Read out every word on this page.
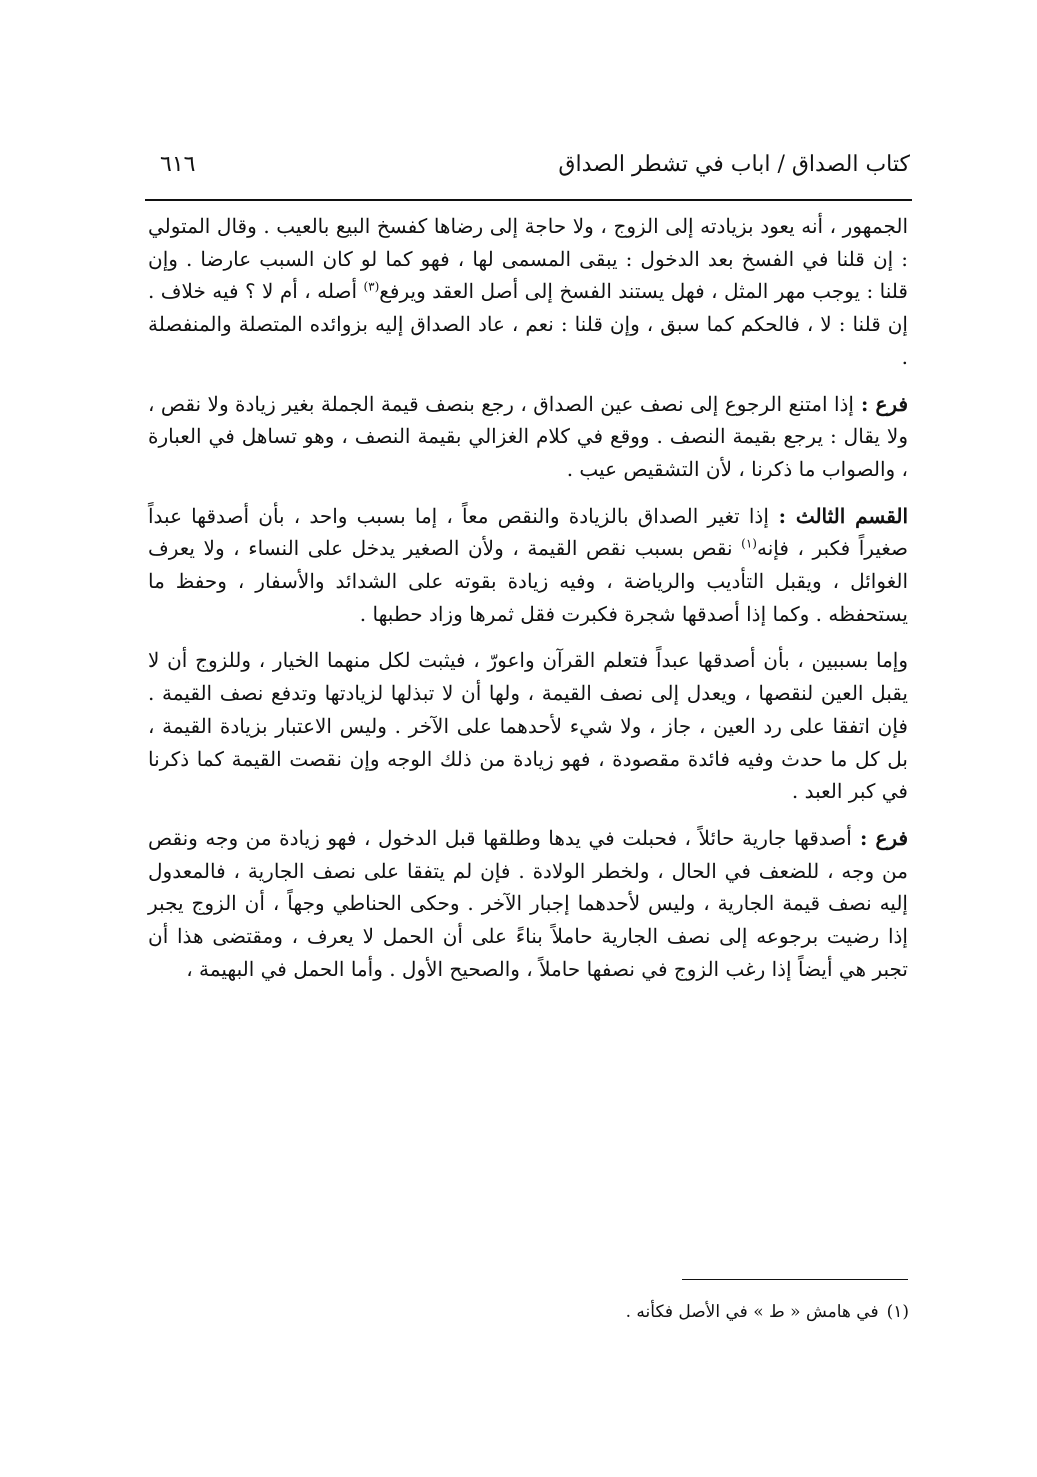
٦١٦	كتاب الصداق / اباب في تشطر الصداق

الجمهور ، أنه يعود بزيادته إلى الزوج ، ولا حاجة إلى رضاها كفسخ البيع بالعيب . وقال المتولي : إن قلنا في الفسخ بعد الدخول : يبقى المسمى لها ، فهو كما لو كان السبب عارضا . وإن قلنا : يوجب مهر المثل ، فهل يستند الفسخ إلى أصل العقد ويرفع$^{(٣)}$ أصله ، أم لا ؟ فيه خلاف . إن قلنا : لا ، فالحكم كما سبق ، وإن قلنا : نعم ، عاد الصداق إليه بزوائده المتصلة والمنفصلة .

فرع : إذا امتنع الرجوع إلى نصف عين الصداق ، رجع بنصف قيمة الجملة بغير زيادة ولا نقص ، ولا يقال : يرجع بقيمة النصف . ووقع في كلام الغزالي بقيمة النصف ، وهو تساهل في العبارة ، والصواب ما ذكرنا ، لأن التشقيص عيب .

القسم الثالث : إذا تغير الصداق بالزيادة والنقص معاً ، إما بسبب واحد ، بأن أصدقها عبداً صغيراً فكبر ، فإنه$^{(١)}$ نقص بسبب نقص القيمة ، ولأن الصغير يدخل على النساء ، ولا يعرف الغوائل ، ويقبل التأديب والرياضة ، وفيه زيادة بقوته على الشدائد والأسفار ، وحفظ ما يستحفظه . وكما إذا أصدقها شجرة فكبرت فقل ثمرها وزاد حطبها .

وإما بسببين ، بأن أصدقها عبداً فتعلم القرآن واعورّ ، فيثبت لكل منهما الخيار ، وللزوج أن لا يقبل العين لنقصها ، ويعدل إلى نصف القيمة ، ولها أن لا تبذلها لزيادتها وتدفع نصف القيمة . فإن اتفقا على رد العين ، جاز ، ولا شيء لأحدهما على الآخر . وليس الاعتبار بزيادة القيمة ، بل كل ما حدث وفيه فائدة مقصودة ، فهو زيادة من ذلك الوجه وإن نقصت القيمة كما ذكرنا في كبر العبد .

فرع : أصدقها جارية حائلاً ، فحبلت في يدها وطلقها قبل الدخول ، فهو زيادة من وجه ونقص من وجه ، للضعف في الحال ، ولخطر الولادة . فإن لم يتفقا على نصف الجارية ، فالمعدول إليه نصف قيمة الجارية ، وليس لأحدهما إجبار الآخر . وحكى الحناطي وجهاً ، أن الزوج يجبر إذا رضيت برجوعه إلى نصف الجارية حاملاً بناءً على أن الحمل لا يعرف ، ومقتضى هذا أن تجبر هي أيضاً إذا رغب الزوج في نصفها حاملاً ، والصحيح الأول . وأما الحمل في البهيمة ،

(١)في هامش « ط » في الأصل فكأنه .
